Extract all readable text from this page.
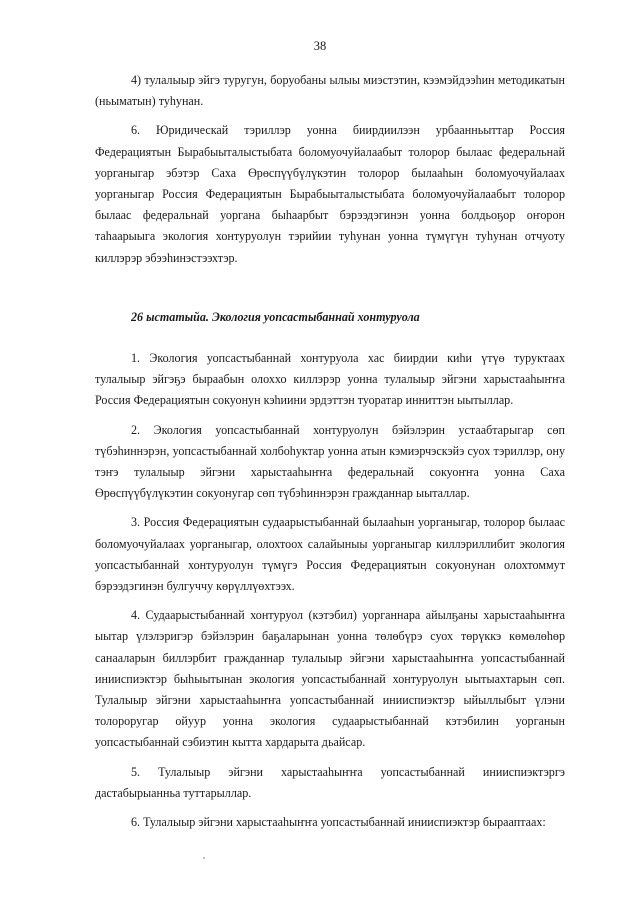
38

4) тулалыыр эйгэ туругун, боруобаны ылыы миэстэтин, кээмэйдээһин методикатын (ньыматын) туһунан.

6. Юридическай тэриллэр уонна биирдиилээн урбаанньыттар Россия Федерациятын Бырабыыталыстыбата боломуочуйалаабыт толорор былаас федеральнай уорганыгар эбэтэр Саха Өрөспүүбүлүкэтин толорор былааһын боломуочуйалаах уорганыгар Россия Федерациятын Бырабыыталыстыбата боломуочуйалаабыт толорор былаас федеральнай уорганa быһаарбыт бэрээдэгинэн уонна болдьоҕор оҥорон таһаарыыга экология хонтуруолун тэрийии туһунан уонна түмүгүн туһунан отчуоту киллэрэр эбээһинэстээхтэр.

26 ыстатыйа. Экология уопсастыбаннай хонтуруола

1. Экология уопсастыбаннай хонтуруола хас биирдии киһи үтүө туруктаах тулалыыр эйгэҕэ быраабын олоххо киллэрэр уонна тулалыыр эйгэни харыстааһыҥҥа Россия Федерациятын сокуонун кэһиини эрдэттэн туоратар инниттэн ыытыллар.

2. Экология уопсастыбаннай хонтуруолун бэйэлэрин устаабтарыгар сөп түбэһиннэрэн, уопсастыбаннай холбоһуктар уонна атын кэмиэрчэскэйэ суох тэриллэр, ону тэҥэ тулалыыр эйгэни харыстааһыҥҥа федеральнай сокуоҥҥа уонна Саха Өрөспүүбүлүкэтин сокуонугар сөп түбэһиннэрэн гражданнар ыыталлар.

3. Россия Федерациятын судаарыстыбаннай былааһын уорганыгар, толорор былаас боломуочуйалаах уорганыгар, олохтоох салайыныы уорганыгар киллэриллибит экология уопсастыбаннай хонтуруолун түмүгэ Россия Федерациятын сокуонунан олохтоммут бэрээдэгинэн булгуччу көрүллүөхтээх.

4. Судаарыстыбаннай хонтуруол (кэтэбил) уорганнара айылҕаны харыстааһыҥҥа ыытар үлэлэригэр бэйэлэрин баҕаларынан уонна төлөбүрэ суох төрүккэ көмөлөһөр санааларын биллэрбит гражданнар тулалыыр эйгэни харыстааһыҥҥа уопсастыбаннай инииспиэктэр быһыытынан экология уопсастыбаннай хонтуруолун ыытыахтарын сөп. Тулалыыр эйгэни харыстааһыҥҥа уопсастыбаннай инииспиэктэр ыйыллыбыт үлэни толороругар ойуур уонна экология судаарыстыбаннай кэтэбилин уорганын уопсастыбаннай сэбиэтин кытта хардарыта дьайсар.

5. Тулалыыр эйгэни харыстааһыҥҥа уопсастыбаннай инииспиэктэргэ дастабырыанньа туттарыллар.

6. Тулалыыр эйгэни харыстааһыҥҥа уопсастыбаннай инииспиэктэр бырааптаах:
